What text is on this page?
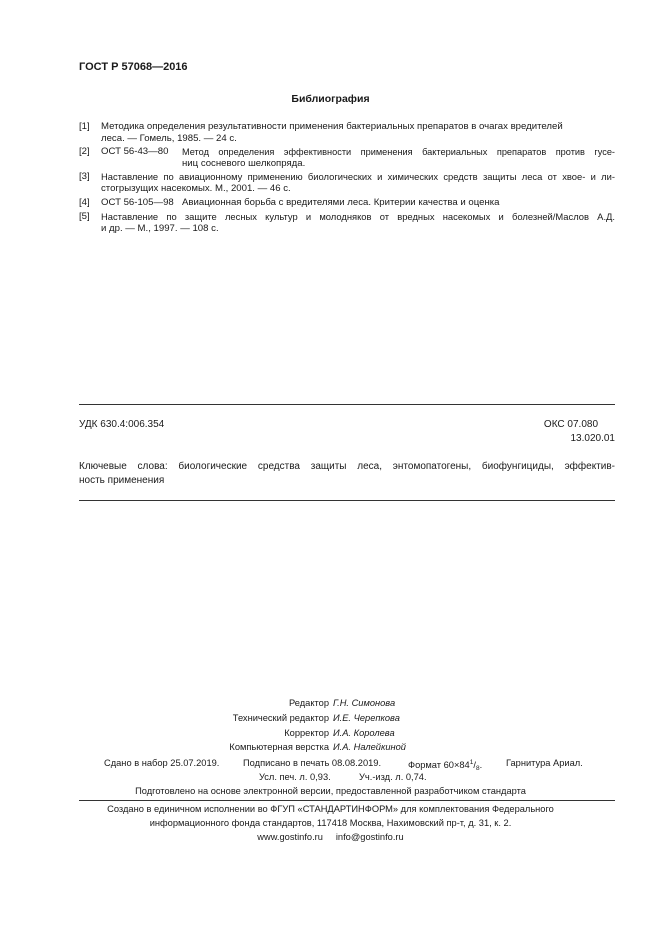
ГОСТ Р 57068—2016
Библиография
[1] Методика определения результативности применения бактериальных препаратов в очагах вредителей
леса. — Гомель, 1985. — 24 с.
[2] ОСТ 56-43—80	Метод определения эффективности применения бактериальных препаратов против гусе-
ниц сосневого шелкопряда.
[3] Наставление по авиационному применению биологических и химических средств защиты леса от хвое- и ли-
стогрызущих насекомых. М., 2001. — 46 с.
[4] ОСТ 56-105—98 Авиационная борьба с вредителями леса. Критерии качества и оценка
[5] Наставление по защите лесных культур и молодняков от вредных насекомых и болезней/Маслов А.Д.
и др. — М., 1997. — 108 с.
УДК 630.4:006.354	ОКС 07.080
13.020.01
Ключевые слова: биологические средства защиты леса, энтомопатогены, биофунгициды, эффектив-
ность применения
Редактор Г.Н. Симонова
Технический редактор И.Е. Черепкова
Корректор И.А. Королева
Компьютерная верстка И.А. Налейкиной
Сдано в набор 25.07.2019.	Подписано в печать 08.08.2019.	Формат $60\times 84^1/_8$.	Гарнитура Ариал.
Усл. печ. л. 0,93.	Уч.-изд. л. 0,74.
Подготовлено на основе электронной версии, предоставленной разработчиком стандарта
Создано в единичном исполнении во ФГУП «СТАНДАРТИНФОРМ» для комплектования Федерального
информационного фонда стандартов, 117418 Москва, Нахимовский пр-т, д. 31, к. 2.
www.gostinfo.ru info@gostinfo.ru
